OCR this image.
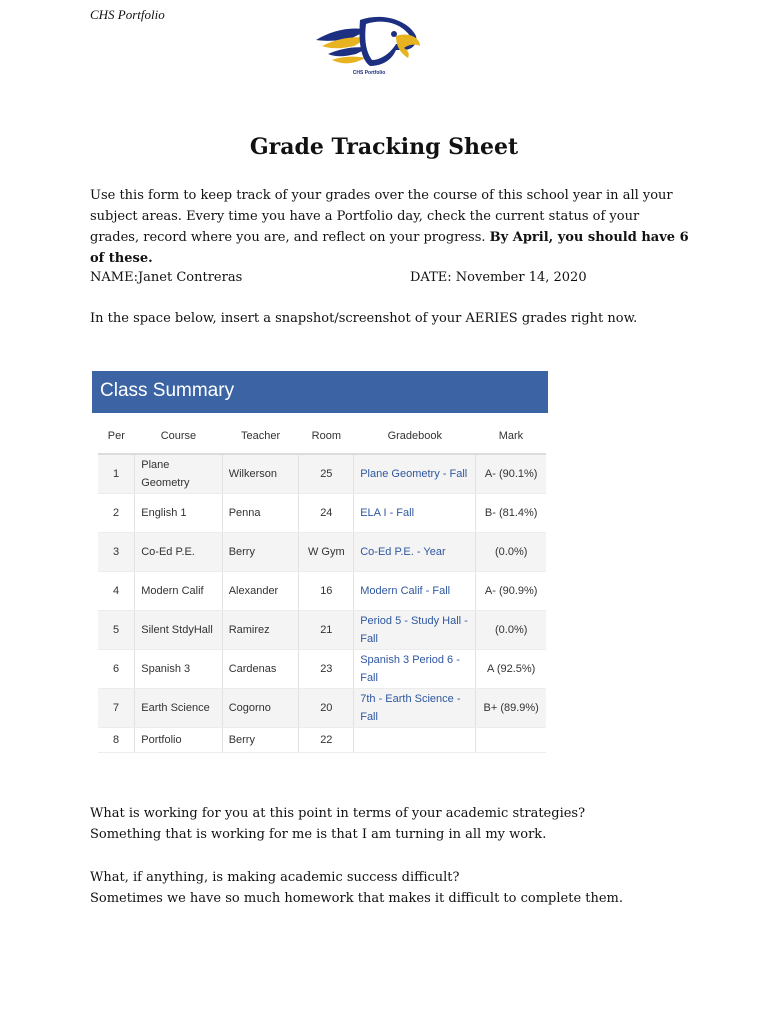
CHS Portfolio
CHS Portfolio
Grade Tracking Sheet

Use this form to keep track of your grades over the course of this school year in all your subject areas. Every time you have a Portfolio day, check the current status of your grades, record where you are, and reflect on your progress. By April, you should have 6 of these.

NAME:Janet Contreras	DATE: November 14, 2020
In the space below, insert a snapshot/screenshot of your AERIES grades right now.
Class Summary
Per	Course	Teacher	Room	Gradebook	Mark
1	Plane Geometry	Wilkerson	25	Plane Geometry - Fall	A- (90.1%)
2	English 1	Penna	24	ELA I - Fall	B- (81.4%)
3	Co-Ed P.E.	Berry	W Gym	Co-Ed P.E. - Year	(0.0%)
4	Modern Calif	Alexander	16	Modern Calif - Fall	A- (90.9%)
5	Silent StdyHall	Ramirez	21	Period 5 - Study Hall - Fall	(0.0%)
6	Spanish 3	Cardenas	23	Spanish 3 Period 6 - Fall	A (92.5%)
7	Earth Science	Cogorno	20	7th - Earth Science - Fall	B+ (89.9%)
8	Portfolio	Berry	22		
What is working for you at this point in terms of your academic strategies?
Something that is working for me is that I am turning in all my work.
What, if anything, is making academic success difficult?
Sometimes we have so much homework that makes it difficult to complete them.
